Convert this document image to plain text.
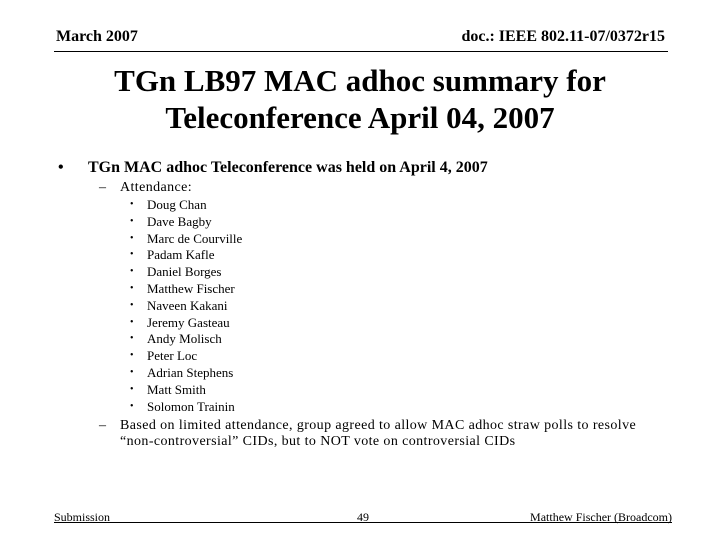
March 2007	doc.: IEEE 802.11-07/0372r15
TGn LB97 MAC adhoc summary for
Teleconference April 04, 2007
• TGn MAC adhoc Teleconference was held on April 4, 2007
– Attendance:
• Doug Chan
• Dave Bagby
• Marc de Courville
• Padam Kafle
• Daniel Borges
• Matthew Fischer
• Naveen Kakani
• Jeremy Gasteau
• Andy Molisch
• Peter Loc
• Adrian Stephens
• Matt Smith
• Solomon Trainin
– Based on limited attendance, group agreed to allow MAC adhoc straw polls to resolve “non-controversial” CIDs, but to NOT vote on controversial CIDs
Submission	49	Matthew Fischer (Broadcom)
